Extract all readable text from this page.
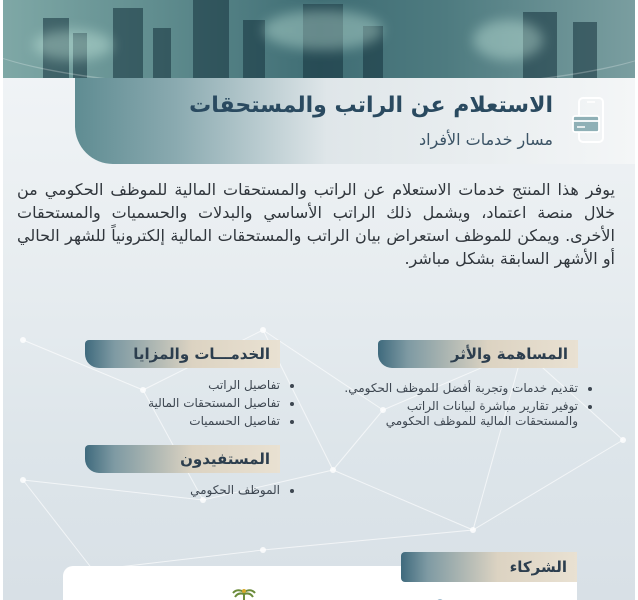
الاستعلام عن الراتب والمستحقات

مسار خدمات الأفراد

يوفر هذا المنتج خدمات الاستعلام عن الراتب والمستحقات المالية للموظف الحكومي من خلال منصة اعتماد، ويشمل ذلك الراتب الأساسي والبدلات والحسميات والمستحقات الأخرى. ويمكن للموظف استعراض بيان الراتب والمستحقات المالية إلكترونياً للشهر الحالي أو الأشهر السابقة بشكل مباشر.

المساهمة والأثر
• تقديم خدمات وتجربة أفضل للموظف الحكومي.
• توفير تقارير مباشرة لبيانات الراتب والمستحقات المالية للموظف الحكومي
الخدمـــات والمزايا
• تفاصيل الراتب
• تفاصيل المستحقات المالية
• تفاصيل الحسميات
المستفيدون
• الموظف الحكومي
الشركاء
